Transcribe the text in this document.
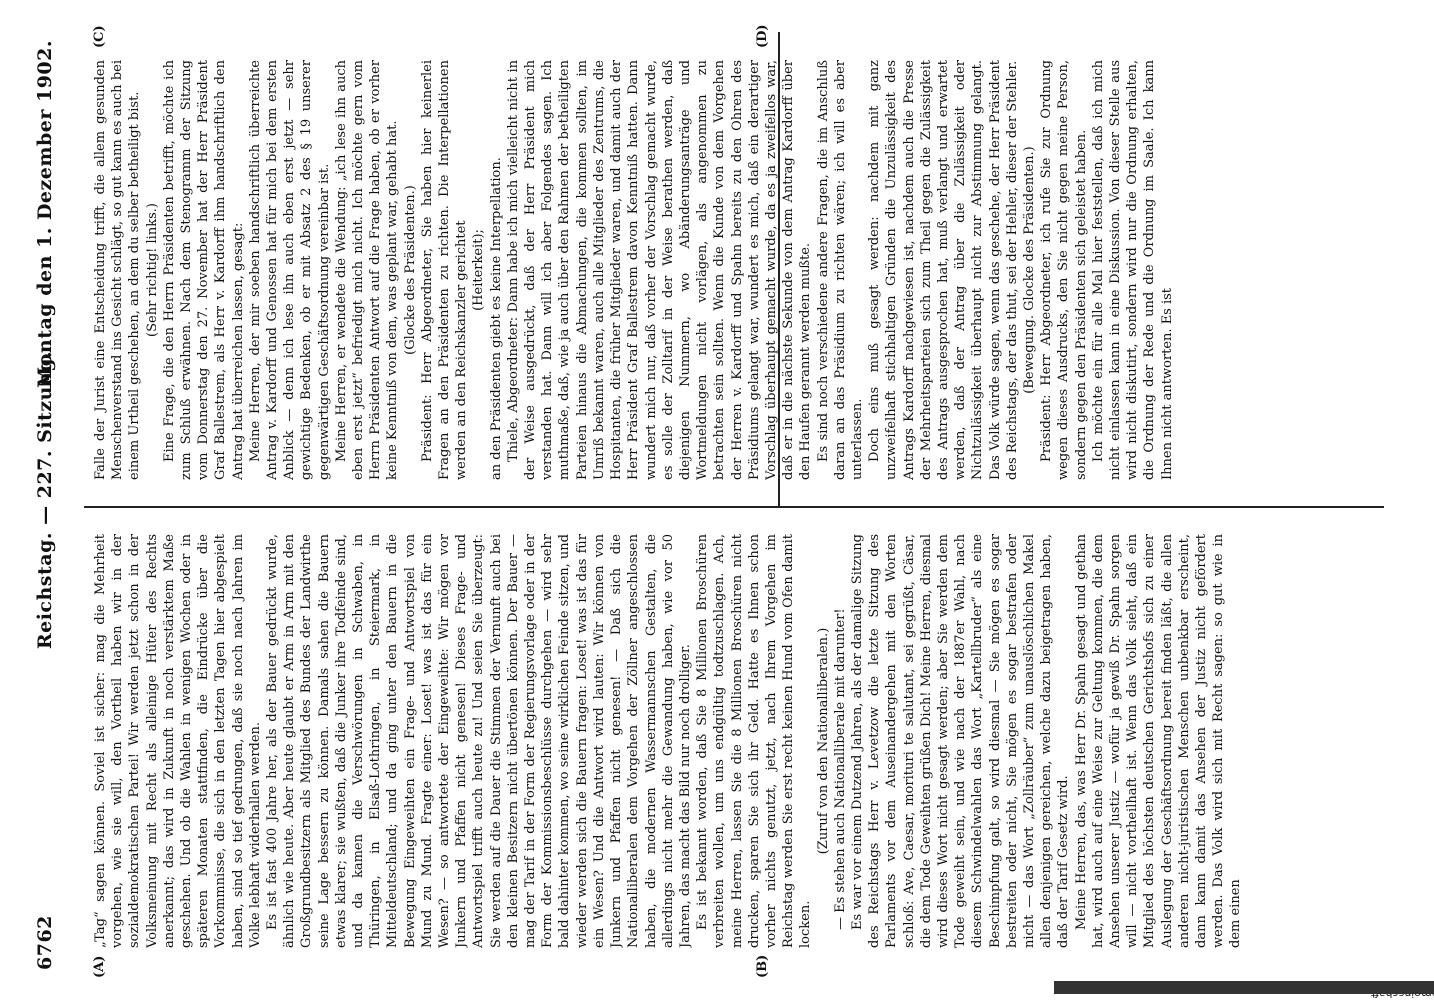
6762
Reichstag. — 227. Sitzung.
Montag den 1. Dezember 1902.
(A)	(B)
(C)	(D)

„Tag“ sagen können. Soviel ist sicher: mag die Mehrheit vorgehen, wie sie will, den Vortheil haben wir in der sozialdemokratischen Partei! Wir werden jetzt schon in der Volksmeinung mit Recht als alleinige Hüter des Rechts anerkannt; das wird in Zukunft in noch verstärktem Maße geschehen. Und ob die Wahlen in wenigen Wochen oder in späteren Monaten stattfinden, die Eindrücke über die Vorkommnisse, die sich in den letzten Tagen hier abgespielt haben, sind so tief gedrungen, daß sie noch nach Jahren im Volke lebhaft widerhallen werden. Es ist fast 400 Jahre her, als der Bauer gedrückt wurde, ähnlich wie heute. Aber heute glaubt er Arm in Arm mit den Großgrundbesitzern als Mitglied des Bundes der Landwirthe seine Lage bessern zu können. Damals sahen die Bauern etwas klarer; sie wußten, daß die Junker ihre Todfeinde sind, und da kamen die Verschwörungen in Schwaben, in Thüringen, in Elsaß-Lothringen, in Steiermark, in Mitteldeutschland; und da ging unter den Bauern in die Bewegung Eingeweihten ein Frage- und Antwortspiel von Mund zu Mund. Fragte einer: Loset! was ist das für ein Wesen? — so antwortete der Eingeweihte: Wir mögen vor Junkern und Pfaffen nicht genesen! Dieses Frage- und Antwortspiel trifft auch heute zu! Und seien Sie überzeugt: Sie werden auf die Dauer die Stimmen der Vernunft auch bei den kleinen Besitzern nicht übertönen können. Der Bauer — mag der Tarif in der Form der Regierungsvorlage oder in der Form der Kommissionsbeschlüsse durchgehen — wird sehr bald dahinter kommen, wo seine wirklichen Feinde sitzen, und wieder werden sich die Bauern fragen: Loset! was ist das für ein Wesen? Und die Antwort wird lauten: Wir können von Junkern und Pfaffen nicht genesen! — Daß sich die Nationalliberalen dem Vorgehen der Zöllner angeschlossen haben, die modernen Wassermannschen Gestalten, die allerdings nicht mehr die Gewandung haben, wie vor 50 Jahren, das macht das Bild nur noch drolliger. Es ist bekannt worden, daß Sie 8 Millionen Broschüren verbreiten wollen, um uns endgültig todtzuschlagen. Ach, meine Herren, lassen Sie die 8 Millionen Broschüren nicht drucken, sparen Sie sich ihr Geld. Hatte es Ihnen schon vorher nichts genutzt, jetzt, nach Ihrem Vorgehen im Reichstag werden Sie erst recht keinen Hund vom Ofen damit locken.

(Zuruf von den Nationalliberalen.) — Es stehen auch Nationalliberale mit darunter! Es war vor einem Dutzend Jahren, als der damalige Sitzung des Reichstags Herr v. Levetzow die letzte Sitzung des Parlaments vor dem Auseinandergehen mit den Worten schloß: Ave, Caesar, morituri te salutant, sei gegrüßt, Cäsar, die dem Tode Geweihten grüßen Dich! Meine Herren, diesmal wird dieses Wort nicht gesagt werden; aber Sie werden dem Tode geweiht sein, und wie nach der 1887er Wahl, nach diesem Schwindelwahlen das Wort „Kartellbruder“ als eine Beschimpfung galt, so wird diesmal — Sie mögen es sogar bestreiten oder nicht, Sie mögen es sogar bestrafen oder nicht — das Wort „Zollräuber“ zum unauslöschlichen Makel allen denjenigen gereichen, welche dazu beigetragen haben, daß der Tarif Gesetz wird. Meine Herren, das, was Herr Dr. Spahn gesagt und gethan hat, wird auch auf eine Weise zur Geltung kommen, die dem Ansehen unserer Justiz — wofür ja gewiß Dr. Spahn sorgen will — nicht vortheilhaft ist. Wenn das Volk sieht, daß ein Mitglied des höchsten deutschen Gerichtshofs sich zu einer Auslegung der Geschäftsordnung bereit finden läßt, die allen anderen nicht-juristischen Menschen unbenkbar erscheint, dann kann damit das Ansehen der Justiz nicht gefördert werden. Das Volk wird sich mit Recht sagen: so gut wie in dem einen

Falle der Jurist eine Entscheidung trifft, die allem gesunden Menschenverstand ins Gesicht schlägt, so gut kann es auch bei einem Urtheil geschehen, an dem du selber betheiligt bist. (Sehr richtig! links.) Eine Frage, die den Herrn Präsidenten betrifft, möchte ich zum Schluß erwähnen. Nach dem Stenogramm der Sitzung vom Donnerstag den 27. November hat der Herr Präsident Graf Ballestrem, als Herr v. Kardorff ihm handschriftlich den Antrag hat überreichen lassen, gesagt: Meine Herren, der mir soeben handschriftlich überreichte Antrag v. Kardorff und Genossen hat für mich bei dem ersten Anblick — denn ich lese ihn auch eben erst jetzt — sehr gewichtige Bedenken, ob er mit Absatz 2 des § 19 unserer gegenwärtigen Geschäftsordnung vereinbar ist. Meine Herren, er wendete die Wendung: „ich lese ihn auch eben erst jetzt“ befriedigt mich nicht. Ich möchte gern vom Herrn Präsidenten Antwort auf die Frage haben, ob er vorher keine Kenntniß von dem, was geplant war, gehabt hat. (Glocke des Präsidenten.) Präsident: Herr Abgeordneter, Sie haben hier keinerlei Fragen an den Präsidenten zu richten. Die Interpellationen werden an den Reichskanzler gerichtet (Heiterkeit); an den Präsidenten giebt es keine Interpellation. Thiele, Abgeordneter: Dann habe ich mich vielleicht nicht in der Weise ausgedrückt, daß der Herr Präsident mich verstanden hat. Dann will ich aber Folgendes sagen. Ich muthmaße, daß, wie ja auch über den Rahmen der betheiligten Parteien hinaus die Abmachungen, die kommen sollten, im Umriß bekannt waren, auch alle Mitglieder des Zentrums, die Hospitanten, die früher Mitglieder waren, und damit auch der Herr Präsident Graf Ballestrem davon Kenntniß hatten. Dann wundert mich nur, daß vorher der Vorschlag gemacht wurde, es solle der Zolltarif in der Weise berathen werden, daß diejenigen Nummern, wo Abänderungsanträge und Wortmeldungen nicht vorlägen, als angenommen zu betrachten sein sollten. Wenn die Kunde von dem Vorgehen der Herren v. Kardorff und Spahn bereits zu den Ohren des Präsidiums gelangt war, wundert es mich, daß ein derartiger Vorschlag überhaupt gemacht wurde, da es ja zweifellos war, daß er in die nächste Sekunde von dem Antrag Kardorff über den Haufen gerannt werden mußte. Es sind noch verschiedene andere Fragen, die im Anschluß daran an das Präsidium zu richten wären; ich will es aber unterlassen. Doch eins muß gesagt werden: nachdem mit ganz unzweifelhaft stichhaltigen Gründen die Unzulässigkeit des Antrags Kardorff nachgewiesen ist, nachdem auch die Presse der Mehrheitsparteien sich zum Theil gegen die Zulässigkeit des Antrags ausgesprochen hat, muß verlangt und erwartet werden, daß der Antrag über die Zulässigkeit oder Nichtzulässigkeit überhaupt nicht zur Abstimmung gelangt. Das Volk würde sagen, wenn das geschehe, der Herr Präsident des Reichstags, der das thut, sei der Hehler, dieser der Stehler. (Bewegung. Glocke des Präsidenten.) Präsident: Herr Abgeordneter, ich rufe Sie zur Ordnung wegen dieses Ausdrucks, den Sie nicht gegen meine Person, sondern gegen den Präsidenten sich geleistet haben. Ich möchte ein für alle Mal hier feststellen, daß ich mich nicht einlassen kann in eine Diskussion. Von dieser Stelle aus wird nicht diskutirt, sondern wird nur die Ordnung erhalten, die Ordnung der Rede und die Ordnung im Saale. Ich kann Ihnen nicht antworten. Es ist
